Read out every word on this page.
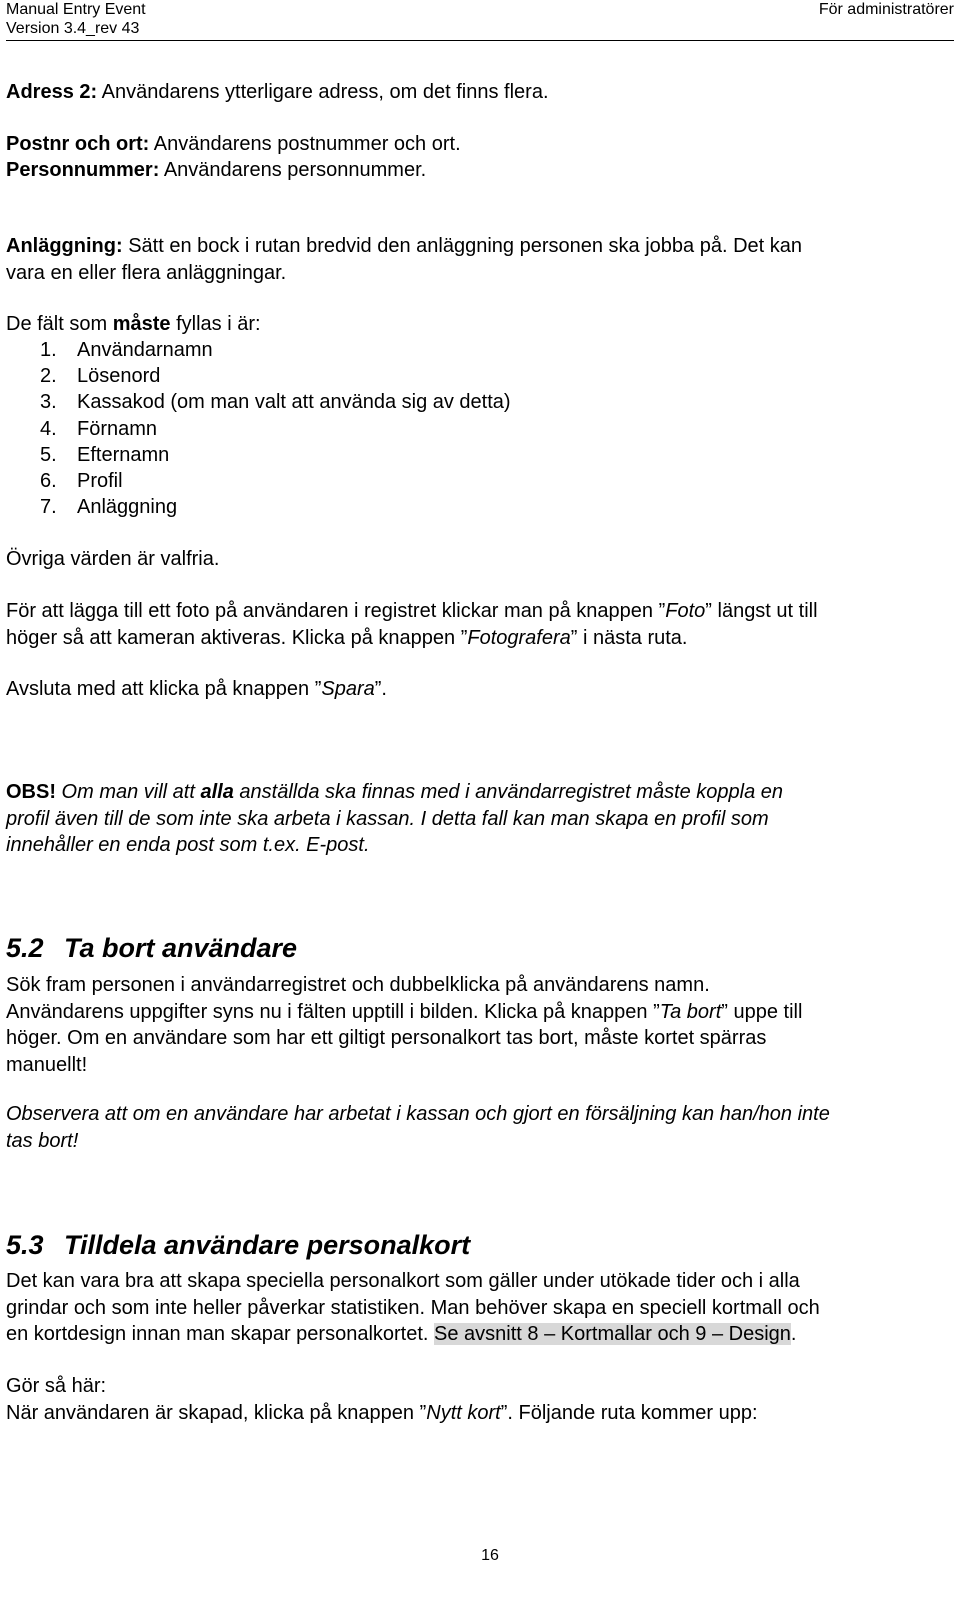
Manual Entry Event
Version 3.4_rev 43
För administratörer

Adress 2: Användarens ytterligare adress, om det finns flera.

Postnr och ort: Användarens postnummer och ort.

Personnummer: Användarens personnummer.

Anläggning: Sätt en bock i rutan bredvid den anläggning personen ska jobba på. Det kan
vara en eller flera anläggningar.

De fält som måste fyllas i är:

1. Användarnamn
2. Lösenord
3. Kassakod (om man valt att använda sig av detta)
4. Förnamn
5. Efternamn
6. Profil
7. Anläggning

Övriga värden är valfria.

För att lägga till ett foto på användaren i registret klickar man på knappen ”Foto” längst ut till
höger så att kameran aktiveras. Klicka på knappen ”Fotografera” i nästa ruta.

Avsluta med att klicka på knappen ”Spara”.

OBS! Om man vill att alla anställda ska finnas med i användarregistret måste koppla en
profil även till de som inte ska arbeta i kassan. I detta fall kan man skapa en profil som
innehåller en enda post som t.ex. E-post.

5.2 Ta bort användare

Sök fram personen i användarregistret och dubbelklicka på användarens namn.
Användarens uppgifter syns nu i fälten upptill i bilden. Klicka på knappen ”Ta bort” uppe till
höger. Om en användare som har ett giltigt personalkort tas bort, måste kortet spärras
manuellt!

Observera att om en användare har arbetat i kassan och gjort en försäljning kan han/hon inte
tas bort!

5.3 Tilldela användare personalkort

Det kan vara bra att skapa speciella personalkort som gäller under utökade tider och i alla
grindar och som inte heller påverkar statistiken. Man behöver skapa en speciell kortmall och
en kortdesign innan man skapar personalkortet. Se avsnitt 8 – Kortmallar och 9 – Design.

Gör så här:
När användaren är skapad, klicka på knappen ”Nytt kort”. Följande ruta kommer upp:

16
